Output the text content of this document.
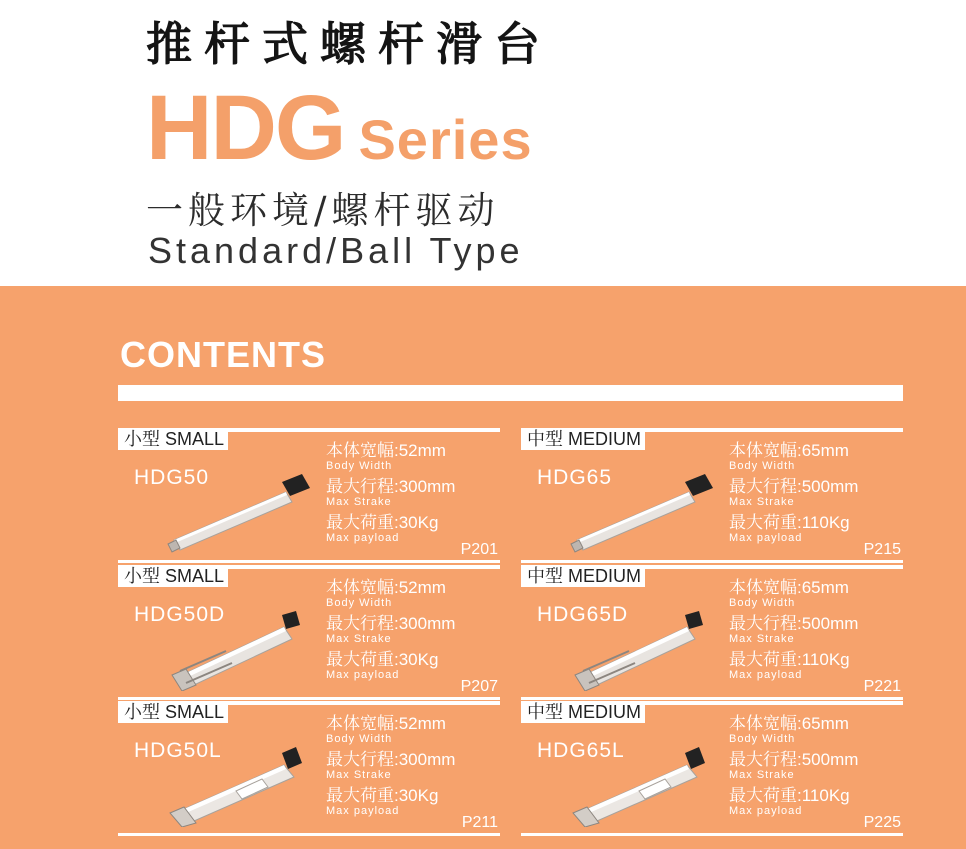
推杆式螺杆滑台
HDG Series
一般环境/螺杆驱动
Standard/Ball Type
CONTENTS
小型 SMALL
HDG50
本体宽幅:52mm
Body Width
最大行程:300mm
Max Strake
最大荷重:30Kg
Max payload
P201
中型 MEDIUM
HDG65
本体宽幅:65mm
Body Width
最大行程:500mm
Max Strake
最大荷重:110Kg
Max payload
P215
小型 SMALL
HDG50D
本体宽幅:52mm
Body Width
最大行程:300mm
Max Strake
最大荷重:30Kg
Max payload
P207
中型 MEDIUM
HDG65D
本体宽幅:65mm
Body Width
最大行程:500mm
Max Strake
最大荷重:110Kg
Max payload
P221
小型 SMALL
HDG50L
本体宽幅:52mm
Body Width
最大行程:300mm
Max Strake
最大荷重:30Kg
Max payload
P211
中型 MEDIUM
HDG65L
本体宽幅:65mm
Body Width
最大行程:500mm
Max Strake
最大荷重:110Kg
Max payload
P225
